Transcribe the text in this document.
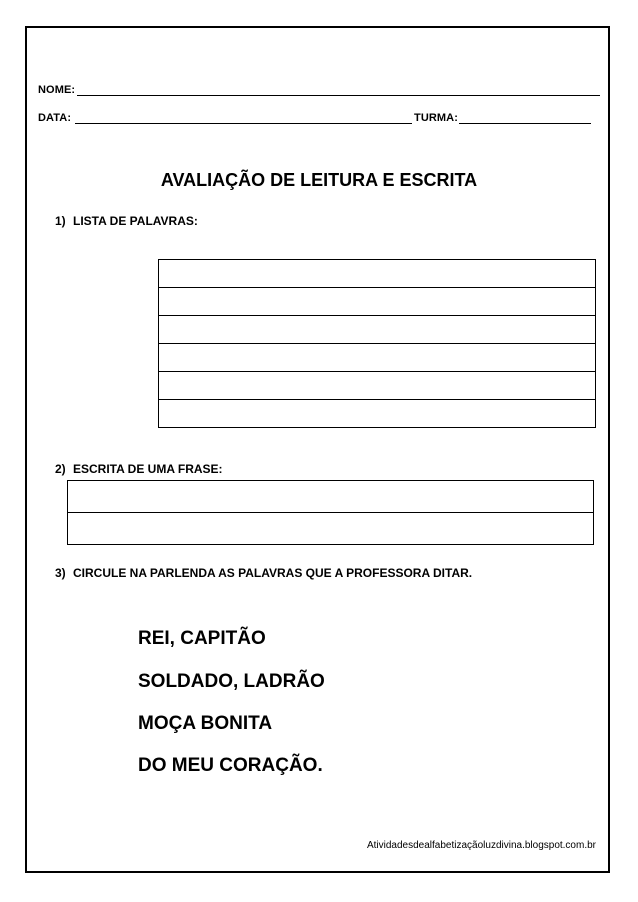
NOME:
DATA:	TURMA:
AVALIAÇÃO DE LEITURA E ESCRITA
1) LISTA DE PALAVRAS:

2) ESCRITA DE UMA FRASE:

3) CIRCULE NA PARLENDA AS PALAVRAS QUE A PROFESSORA DITAR.
REI, CAPITÃO
SOLDADO, LADRÃO
MOÇA BONITA
DO MEU CORAÇÃO.
Atividadesdealfabetizaçãoluzdivina.blogspot.com.br
